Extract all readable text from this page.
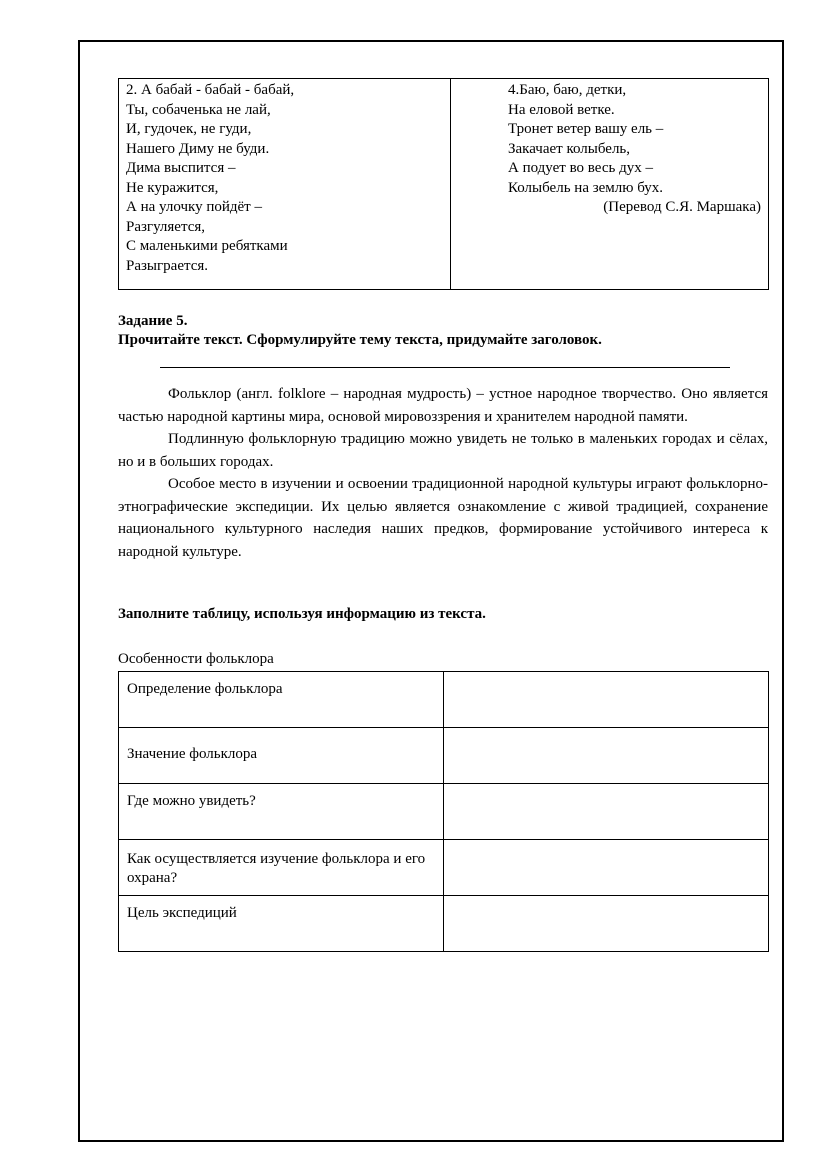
2. А бабай - бабай - бабай,
Ты, собаченька не лай,
И, гудочек, не гуди,
Нашего Диму не буди.
Дима выспится –
Не куражится,
А на улочку пойдёт –
Разгуляется,
С маленькими ребятками
Разыграется.

4.Баю, баю, детки,
На еловой ветке.
Тронет ветер вашу ель –
Закачает колыбель,
А подует во весь дух –
Колыбель на землю бух.
(Перевод С.Я. Маршака)
Задание 5.
Прочитайте текст. Сформулируйте тему текста, придумайте заголовок.

Фольклор (англ. folklore – народная мудрость) – устное народное творчество. Оно является частью народной картины мира, основой мировоззрения и хранителем народной памяти.

Подлинную фольклорную традицию можно увидеть не только в маленьких городах и сёлах, но и в больших городах.

Особое место в изучении и освоении традиционной народной культуры играют фольклорно-этнографические экспедиции. Их целью является ознакомление с живой традицией, сохранение национального культурного наследия наших предков, формирование устойчивого интереса к народной культуре.

Заполните таблицу, используя информацию из текста.
Особенности фольклора
Определение фольклора	
Значение фольклора	
Где можно увидеть?	
Как осуществляется изучение фольклора и его охрана?	
Цель экспедиций	
